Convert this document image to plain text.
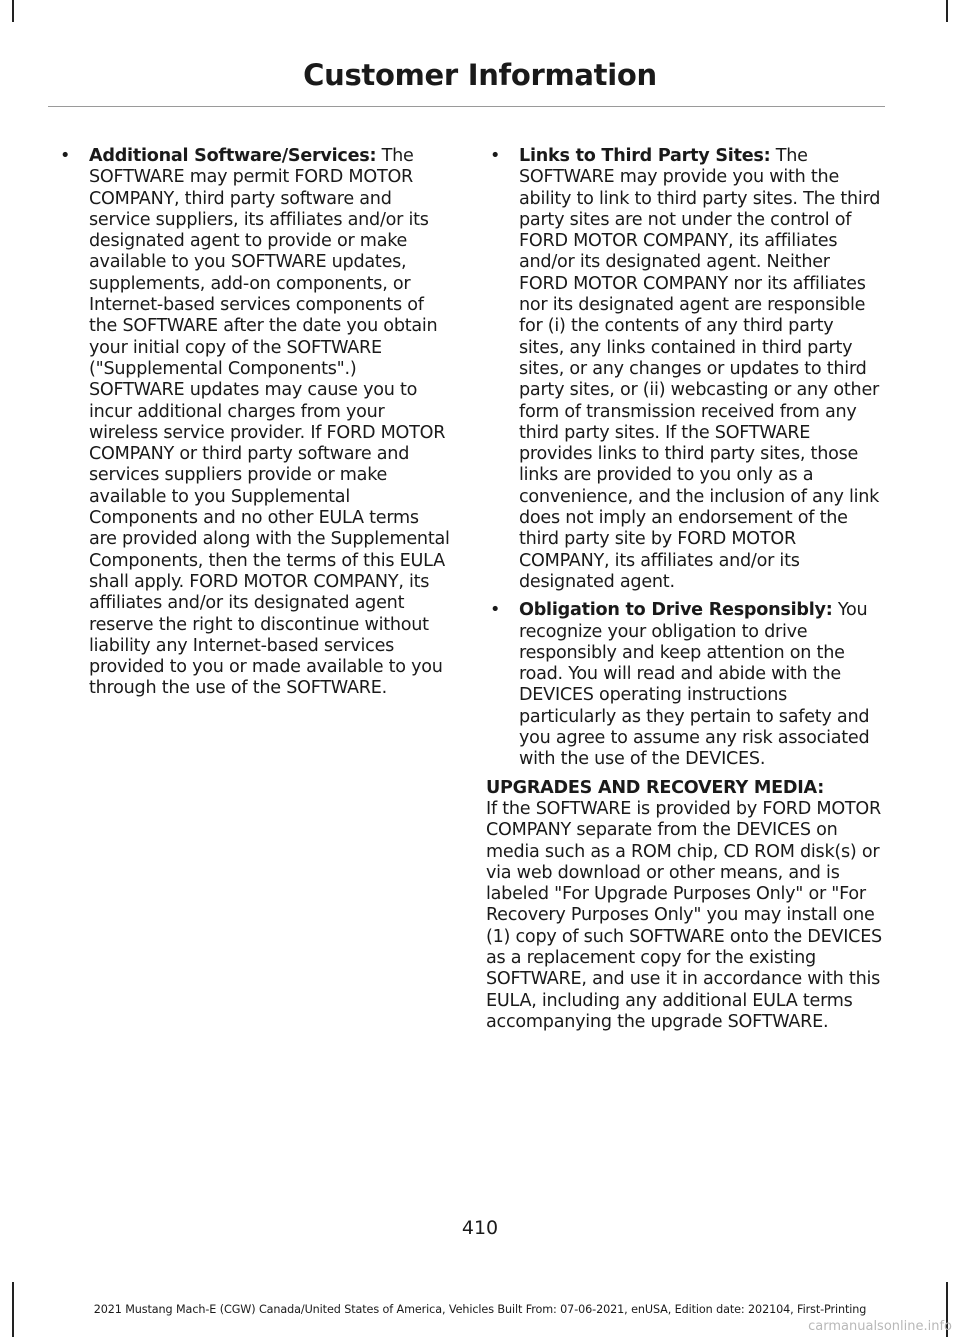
Customer Information
• Additional Software/Services: The SOFTWARE may permit FORD MOTOR COMPANY, third party software and service suppliers, its affiliates and/or its designated agent to provide or make available to you SOFTWARE updates, supplements, add-on components, or Internet-based services components of the SOFTWARE after the date you obtain your initial copy of the SOFTWARE ("Supplemental Components".) SOFTWARE updates may cause you to incur additional charges from your wireless service provider. If FORD MOTOR COMPANY or third party software and services suppliers provide or make available to you Supplemental Components and no other EULA terms are provided along with the Supplemental Components, then the terms of this EULA shall apply. FORD MOTOR COMPANY, its affiliates and/or its designated agent reserve the right to discontinue without liability any Internet-based services provided to you or made available to you through the use of the SOFTWARE.
• Links to Third Party Sites: The SOFTWARE may provide you with the ability to link to third party sites. The third party sites are not under the control of FORD MOTOR COMPANY, its affiliates and/or its designated agent. Neither FORD MOTOR COMPANY nor its affiliates nor its designated agent are responsible for (i) the contents of any third party sites, any links contained in third party sites, or any changes or updates to third party sites, or (ii) webcasting or any other form of transmission received from any third party sites. If the SOFTWARE provides links to third party sites, those links are provided to you only as a convenience, and the inclusion of any link does not imply an endorsement of the third party site by FORD MOTOR COMPANY, its affiliates and/or its designated agent.
• Obligation to Drive Responsibly: You recognize your obligation to drive responsibly and keep attention on the road. You will read and abide with the DEVICES operating instructions particularly as they pertain to safety and you agree to assume any risk associated with the use of the DEVICES.
UPGRADES AND RECOVERY MEDIA:
If the SOFTWARE is provided by FORD MOTOR COMPANY separate from the DEVICES on media such as a ROM chip, CD ROM disk(s) or via web download or other means, and is labeled "For Upgrade Purposes Only" or "For Recovery Purposes Only" you may install one (1) copy of such SOFTWARE onto the DEVICES as a replacement copy for the existing SOFTWARE, and use it in accordance with this EULA, including any additional EULA terms accompanying the upgrade SOFTWARE.
410
2021 Mustang Mach-E (CGW) Canada/United States of America, Vehicles Built From: 07-06-2021, enUSA, Edition date: 202104, First-Printing
carmanualsonline.info
